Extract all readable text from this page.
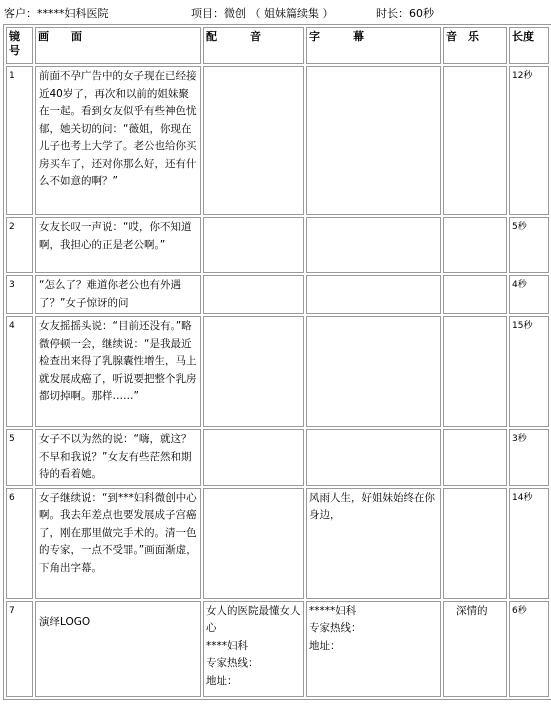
客户：*****妇科医院	项目：微创 （ 姐妹篇续集 ）	时长：60秒
镜号	画　　面	配　　　音	字　　　幕	音　乐	长度
1	前面不孕广告中的女子现在已经接近40岁了，再次和以前的姐妹聚在一起。看到女友似乎有些神色忧郁，她关切的问：“薇姐，你现在儿子也考上大学了。老公也给你买房买车了，还对你那么好，还有什么不如意的啊？”				12秒
2	女友长叹一声说：“哎，你不知道啊，我担心的正是老公啊。”				5秒
3	“怎么了？难道你老公也有外遇了？”女子惊讶的问				4秒
4	女友摇摇头说：“目前还没有。”略微停顿一会，继续说：“是我最近检查出来得了乳腺囊性增生，马上就发展成癌了，听说要把整个乳房都切掉啊。那样……”				15秒
5	女子不以为然的说：“嗨，就这？不早和我说？”女友有些茫然和期待的看着她。				3秒
6	女子继续说：“到***妇科微创中心啊。我去年差点也要发展成子宫癌了，刚在那里做完手术的。清一色的专家，一点不受罪。”画面渐虚，下角出字幕。		风雨人生，好姐妹始终在你身边，		14秒
7	演绎LOGO	女人的医院最懂女人心
****妇科
专家热线：
地址：	*****妇科
专家热线：
地址：	深情的	6秒
